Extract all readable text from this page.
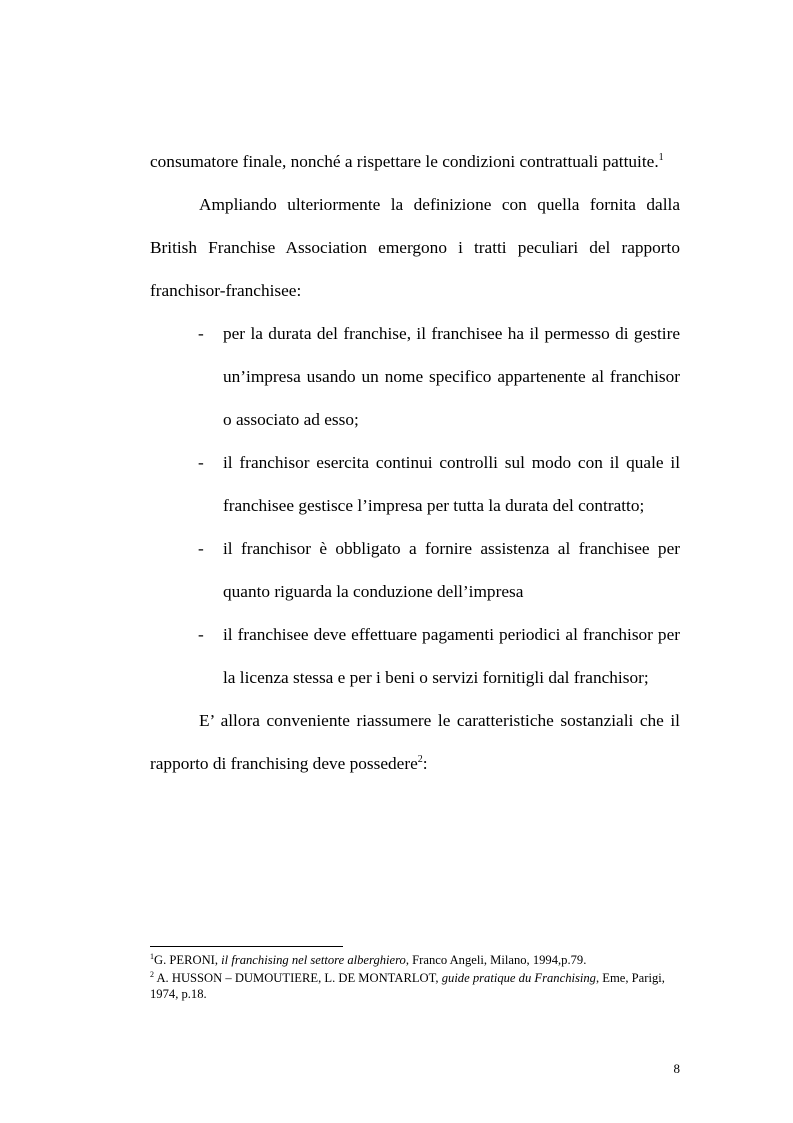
consumatore finale, nonché a rispettare le condizioni contrattuali pattuite.$^1$

Ampliando ulteriormente la definizione con quella fornita dalla British Franchise Association emergono i tratti peculiari del rapporto franchisor-franchisee:

- per la durata del franchise, il franchisee ha il permesso di gestire un’impresa usando un nome specifico appartenente al franchisor o associato ad esso;
- il franchisor esercita continui controlli sul modo con il quale il franchisee gestisce l’impresa per tutta la durata del contratto;
- il franchisor è obbligato a fornire assistenza al franchisee per quanto riguarda la conduzione dell’impresa
- il franchisee deve effettuare pagamenti periodici al franchisor per la licenza stessa e per i beni o servizi fornitigli dal franchisor;

E’ allora conveniente riassumere le caratteristiche sostanziali che il rapporto di franchising deve possedere$^2$:

$^1$G. PERONI, il franchising nel settore alberghiero, Franco Angeli, Milano, 1994,p.79.

$^2$ A. HUSSON – DUMOUTIERE, L. DE MONTARLOT, guide pratique du Franchising, Eme, Parigi, 1974, p.18.

8
